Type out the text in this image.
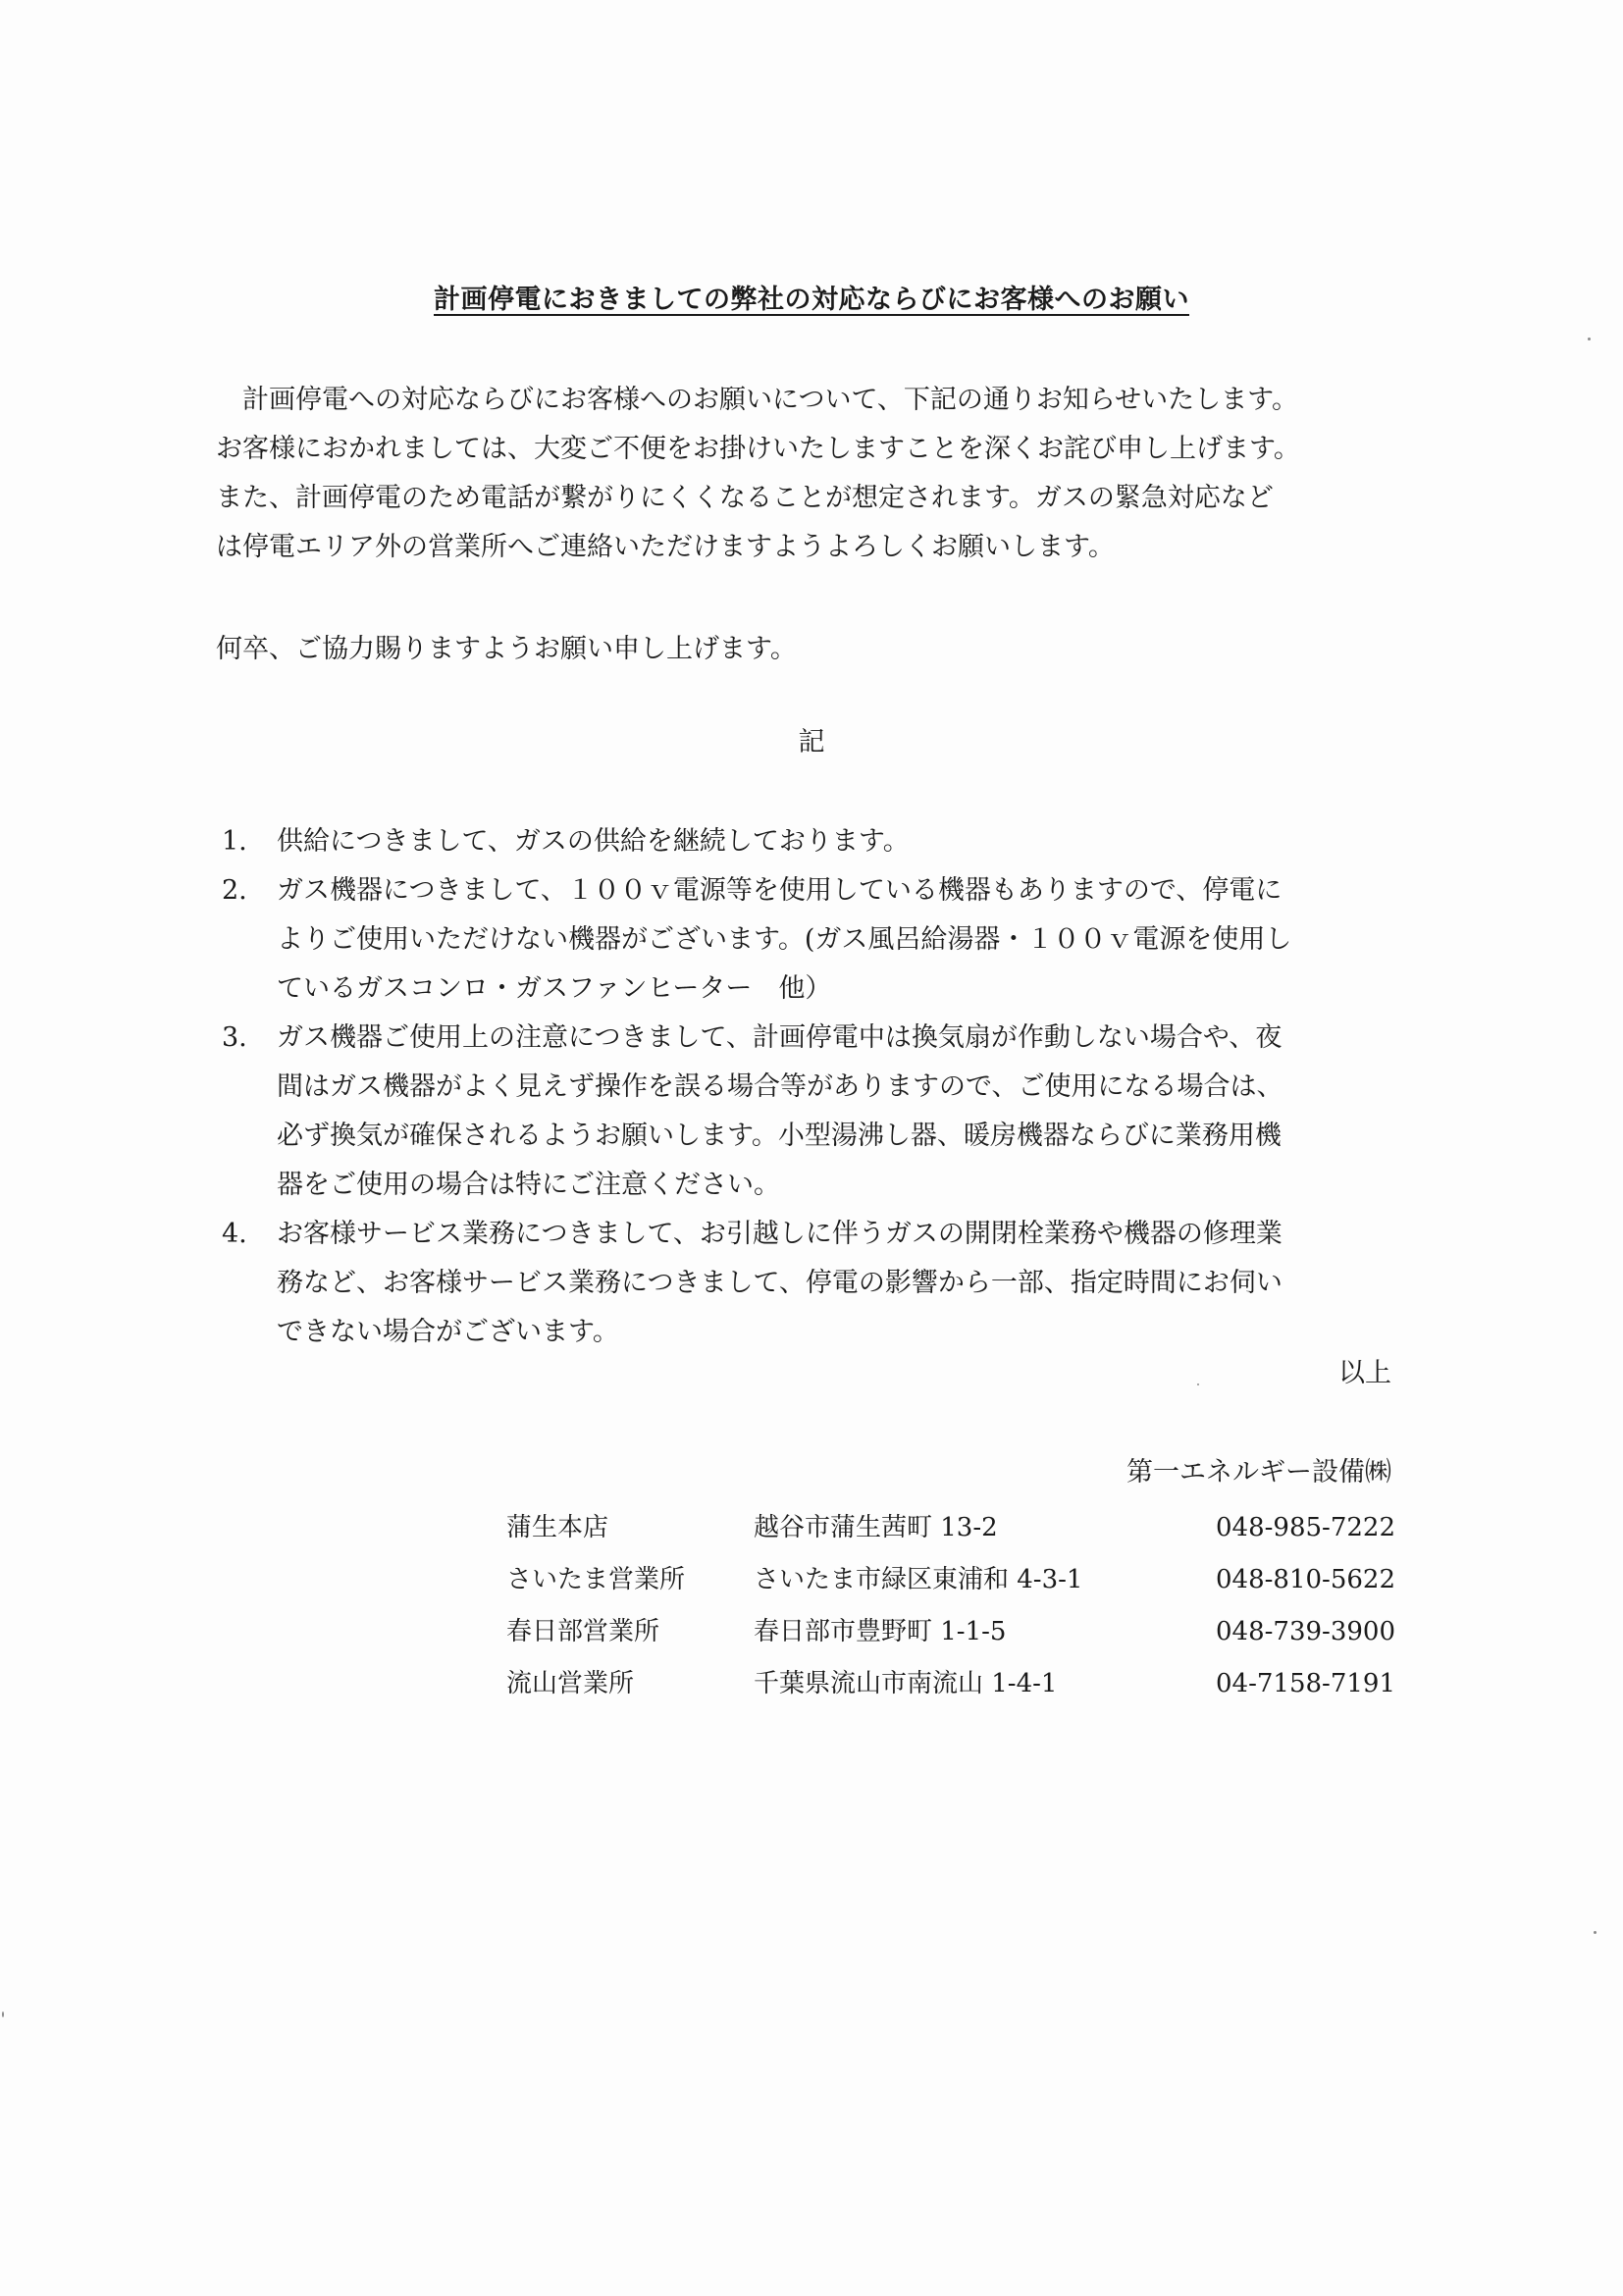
計画停電におきましての弊社の対応ならびにお客様へのお願い

計画停電への対応ならびにお客様へのお願いについて、下記の通りお知らせいたします。

お客様におかれましては、大変ご不便をお掛けいたしますことを深くお詫び申し上げます。

また、計画停電のため電話が繋がりにくくなることが想定されます。ガスの緊急対応など

は停電エリア外の営業所へご連絡いただけますようよろしくお願いします。

何卒、ご協力賜りますようお願い申し上げます。
記
1.	供給につきまして、ガスの供給を継続しております。
2.	ガス機器につきまして、１００ｖ電源等を使用している機器もありますので、停電に
よりご使用いただけない機器がございます。(ガス風呂給湯器・１００ｖ電源を使用し
ているガスコンロ・ガスファンヒーター　他）
3.	ガス機器ご使用上の注意につきまして、計画停電中は換気扇が作動しない場合や、夜
間はガス機器がよく見えず操作を誤る場合等がありますので、ご使用になる場合は、
必ず換気が確保されるようお願いします。小型湯沸し器、暖房機器ならびに業務用機
器をご使用の場合は特にご注意ください。
4.	お客様サービス業務につきまして、お引越しに伴うガスの開閉栓業務や機器の修理業
務など、お客様サービス業務につきまして、停電の影響から一部、指定時間にお伺い
できない場合がございます。
以上
第一エネルギー設備㈱
蒲生本店	越谷市蒲生茜町 13-2	048-985-7222
さいたま営業所	さいたま市緑区東浦和 4-3-1	048-810-5622
春日部営業所	春日部市豊野町 1-1-5	048-739-3900
流山営業所	千葉県流山市南流山 1-4-1	04-7158-7191
